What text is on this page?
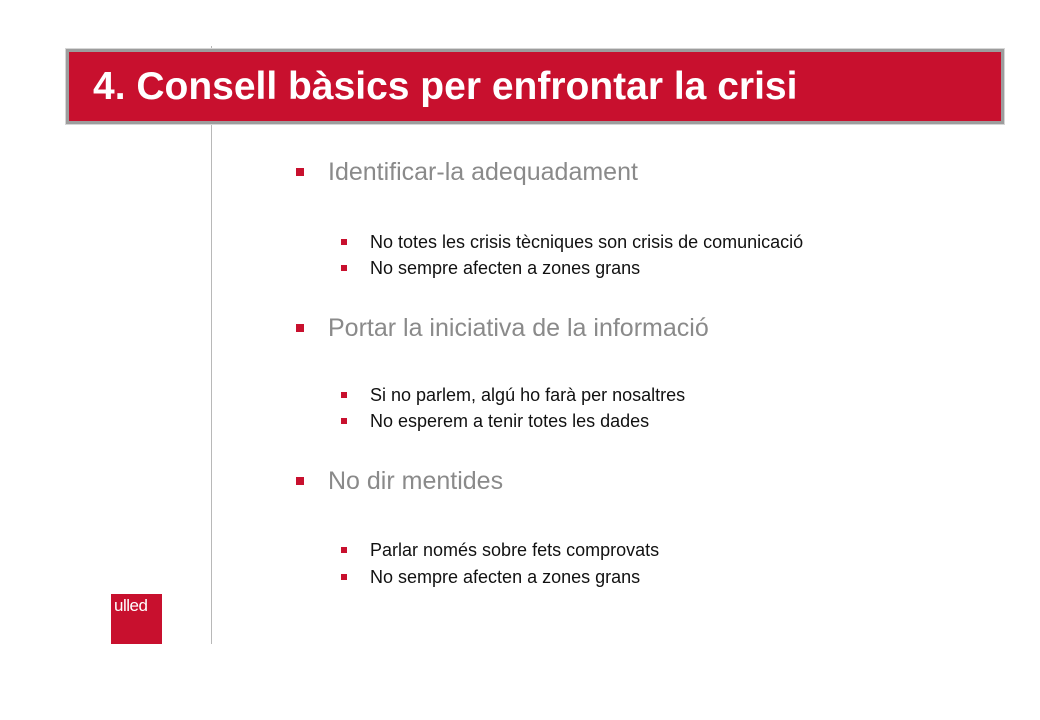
4. Consell bàsics per enfrontar la crisi
Identificar-la adequadament
No totes les crisis tècniques son crisis de comunicació
No sempre afecten a zones grans
Portar la iniciativa de la informació
Si no parlem, algú ho farà per nosaltres
No esperem a tenir totes les dades
No dir mentides
Parlar només sobre fets comprovats
No sempre afecten a zones grans
ulled
